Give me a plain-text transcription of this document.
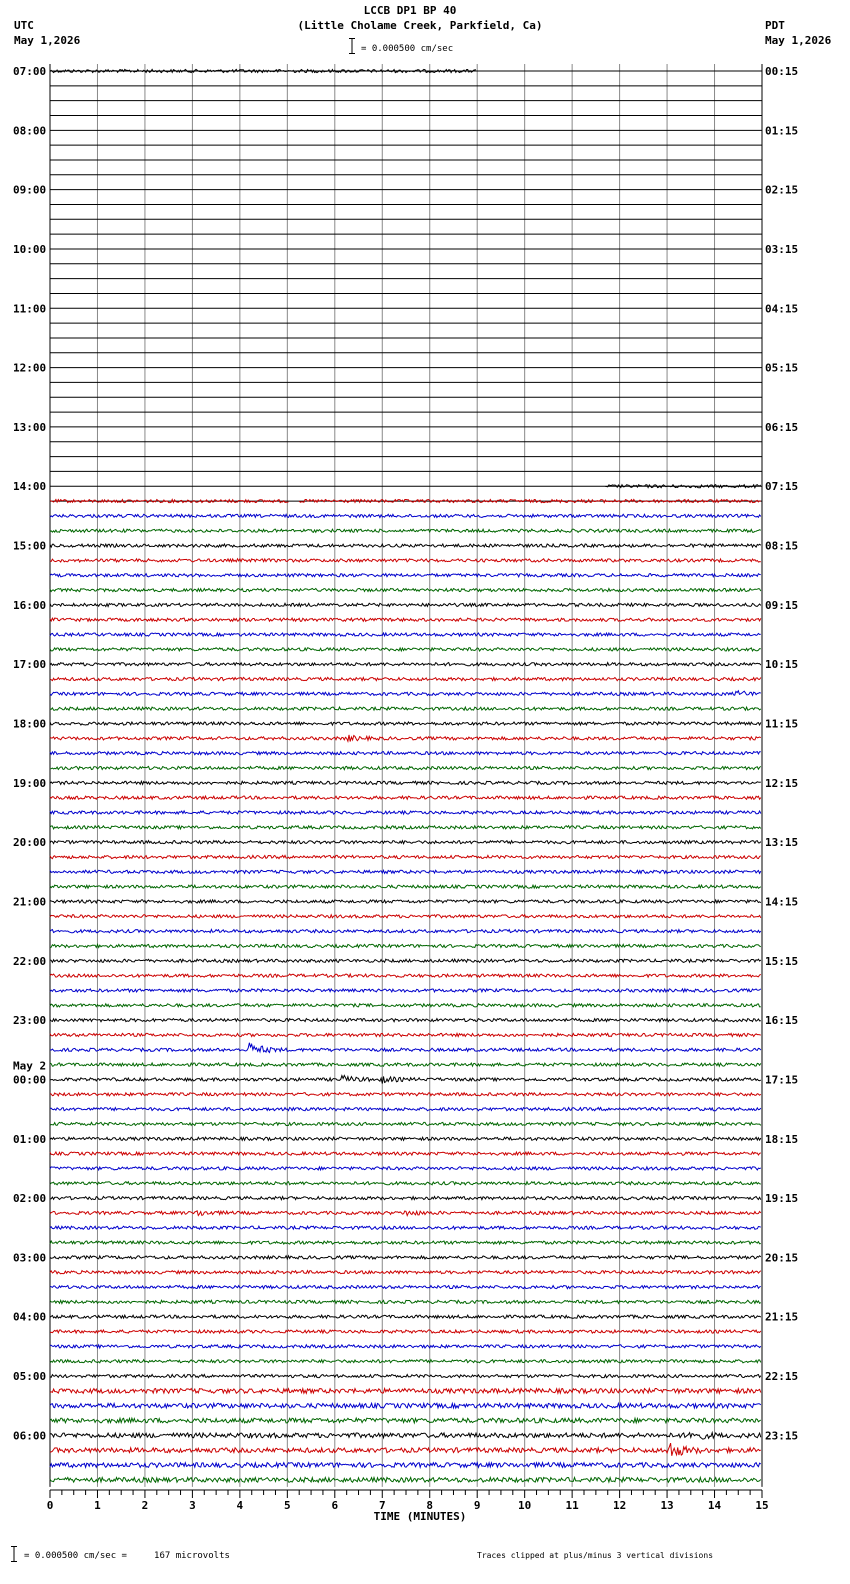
LCCB DP1 BP 40
(Little Cholame Creek, Parkfield, Ca)
UTC
May 1,2026
PDT
May 1,2026
= 0.000500 cm/sec
0	1	2	3	4	5	6	7	8	9	10	11	12	13	14	15
07:00
08:00
09:00
10:00
11:00
12:00
13:00
14:00
15:00
16:00
17:00
18:00
19:00
20:00
21:00
22:00
23:00
00:00
May 2
01:00
02:00
03:00
04:00
05:00
06:00
00:15
01:15
02:15
03:15
04:15
05:15
06:15
07:15
08:15
09:15
10:15
11:15
12:15
13:15
14:15
15:15
16:15
17:15
18:15
19:15
20:15
21:15
22:15
23:15
TIME (MINUTES)
= 0.000500 cm/sec =     167 microvolts	Traces clipped at plus/minus 3 vertical divisions
